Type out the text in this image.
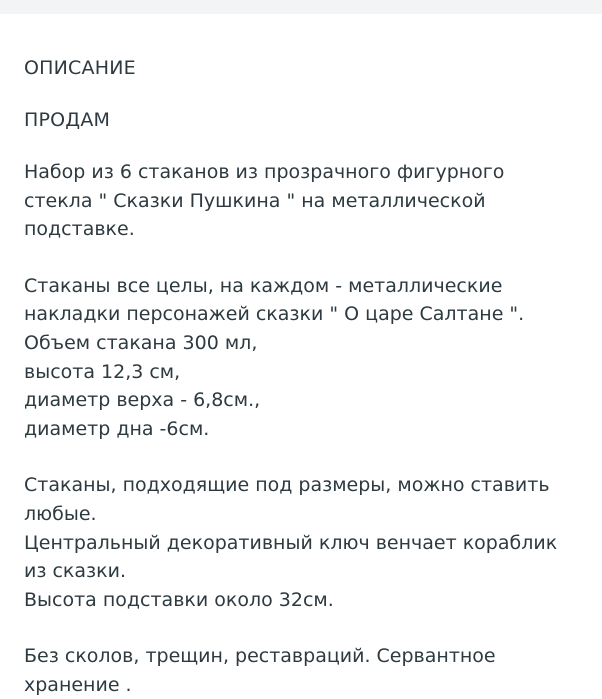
ОПИСАНИЕ
ПРОДАМ
Набор из 6 стаканов из прозрачного фигурного
стекла " Сказки Пушкина " на металлической
подставке.
Стаканы все целы, на каждом - металлические
накладки персонажей сказки " О царе Салтане ".
Объем стакана 300 мл,
высота 12,3 см,
диаметр верха - 6,8см.,
диаметр дна -6см.
Стаканы, подходящие под размеры, можно ставить
любые.
Центральный декоративный ключ венчает кораблик
из сказки.
Высота подставки около 32см.
Без сколов, трещин, реставраций. Сервантное
хранение .
